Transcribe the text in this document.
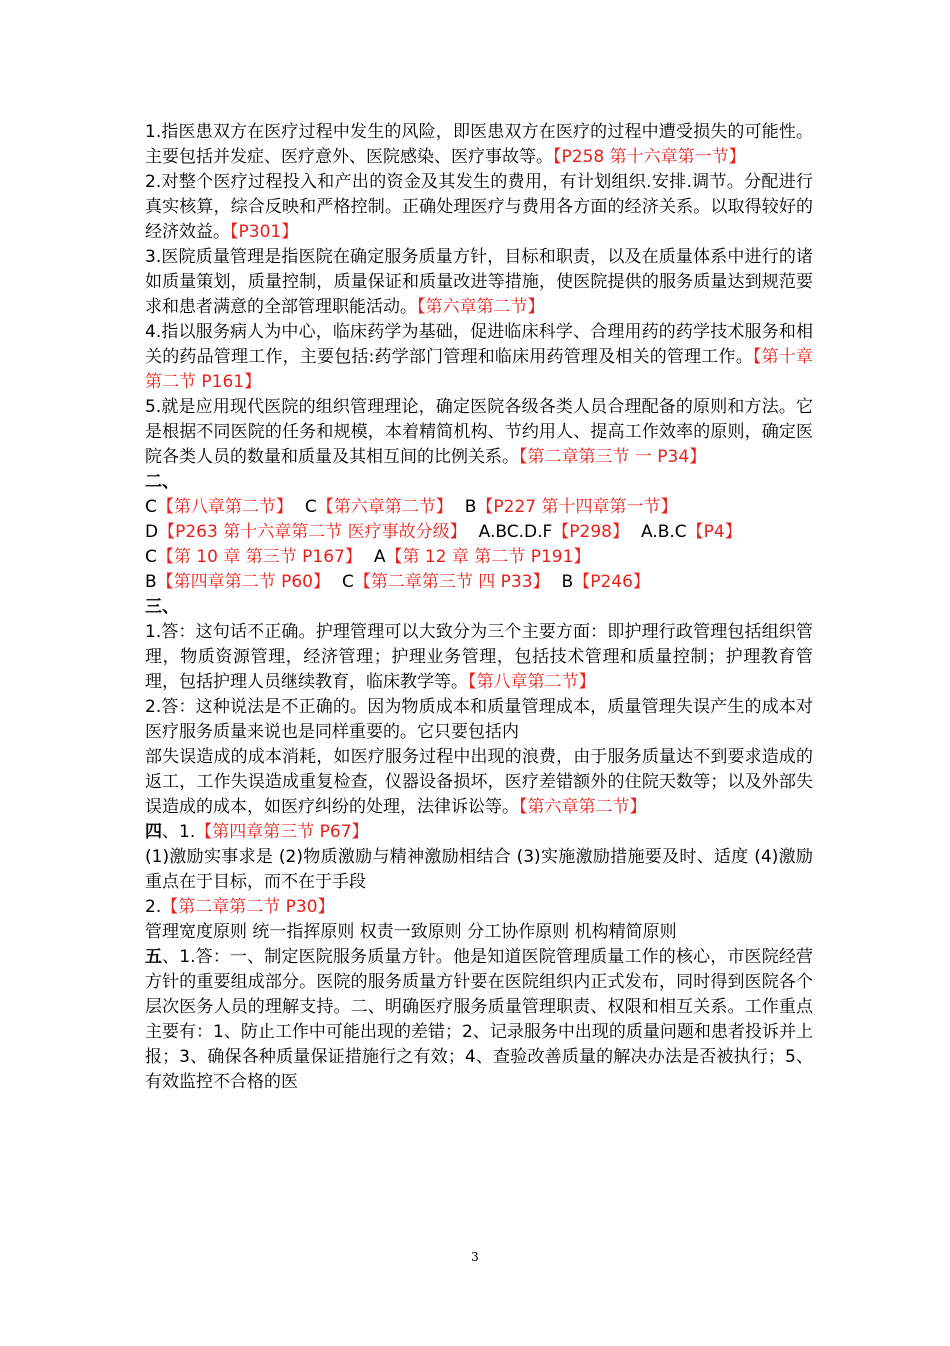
1.指医患双方在医疗过程中发生的风险，即医患双方在医疗的过程中遭受损失的可能性。主要包括并发症、医疗意外、医院感染、医疗事故等。【P258 第十六章第一节】

2.对整个医疗过程投入和产出的资金及其发生的费用，有计划组织.安排.调节。分配进行真实核算，综合反映和严格控制。正确处理医疗与费用各方面的经济关系。以取得较好的经济效益。【P301】

3.医院质量管理是指医院在确定服务质量方针，目标和职责，以及在质量体系中进行的诸如质量策划，质量控制，质量保证和质量改进等措施，使医院提供的服务质量达到规范要求和患者满意的全部管理职能活动。【第六章第二节】

4.指以服务病人为中心，临床药学为基础，促进临床科学、合理用药的药学技术服务和相关的药品管理工作，主要包括:药学部门管理和临床用药管理及相关的管理工作。【第十章 第二节 P161】

5.就是应用现代医院的组织管理理论，确定医院各级各类人员合理配备的原则和方法。它是根据不同医院的任务和规模，本着精简机构、节约用人、提高工作效率的原则，确定医院各类人员的数量和质量及其相互间的比例关系。【第二章第三节 一 P34】

二、

C【第八章第二节】 C【第六章第二节】 B【P227 第十四章第一节】

D【P263 第十六章第二节 医疗事故分级】 A.BC.D.F【P298】 A.B.C【P4】

C【第 10 章 第三节 P167】 A【第 12 章 第二节 P191】

B【第四章第二节 P60】 C【第二章第三节 四 P33】 B【P246】

三、

1.答：这句话不正确。护理管理可以大致分为三个主要方面：即护理行政管理包括组织管理，物质资源管理，经济管理；护理业务管理，包括技术管理和质量控制；护理教育管理，包括护理人员继续教育，临床教学等。【第八章第二节】

2.答：这种说法是不正确的。因为物质成本和质量管理成本，质量管理失误产生的成本对医疗服务质量来说也是同样重要的。它只要包括内

部失误造成的成本消耗，如医疗服务过程中出现的浪费，由于服务质量达不到要求造成的返工，工作失误造成重复检查，仪器设备损坏，医疗差错额外的住院天数等；以及外部失误造成的成本，如医疗纠纷的处理，法律诉讼等。【第六章第二节】

四、1.【第四章第三节 P67】

(1)激励实事求是 (2)物质激励与精神激励相结合 (3)实施激励措施要及时、适度 (4)激励重点在于目标，而不在于手段

2.【第二章第二节 P30】

管理宽度原则 统一指挥原则 权责一致原则 分工协作原则 机构精简原则

五、1.答：一、制定医院服务质量方针。他是知道医院管理质量工作的核心，市医院经营方针的重要组成部分。医院的服务质量方针要在医院组织内正式发布，同时得到医院各个层次医务人员的理解支持。二、明确医疗服务质量管理职责、权限和相互关系。工作重点主要有：1、防止工作中可能出现的差错；2、记录服务中出现的质量问题和患者投诉并上报；3、确保各种质量保证措施行之有效；4、查验改善质量的解决办法是否被执行；5、有效监控不合格的医

3
